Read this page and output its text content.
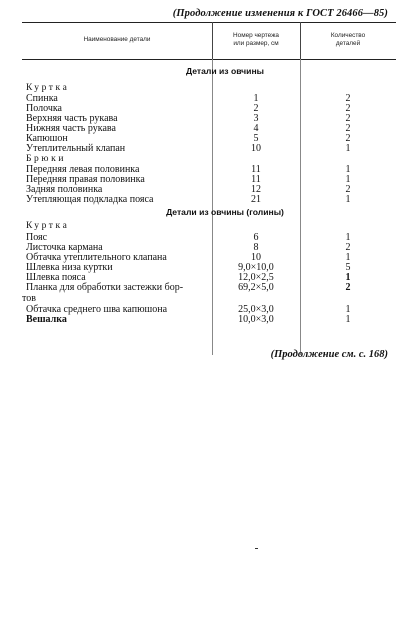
(Продолжение изменения к ГОСТ 26466—85)
Наименование детали
Номер чертежа
или размер, см
Количество
деталей
Детали из овчины
Куртка
Спинка	1	2
Полочка	2	2
Верхняя часть рукава	3	2
Нижняя часть рукава	4	2
Капюшон	5	2
Утеплительный клапан	10	1
Брюки
Передняя левая половинка	11	1
Передняя правая половинка	11	1
Задняя половинка	12	2
Утепляющая подкладка пояса	21	1
Детали из овчины (голины)
Куртка
Пояс	6	1
Листочка кармана	8	2
Обтачка утеплительного клапана	10	1
Шлевка низа куртки	9,0×10,0	5
Шлевка пояса	12,0×2,5	1
Планка для обработки застежки бор-	69,2×5,0	2
тов
Обтачка среднего шва капюшона	25,0×3,0	1
Вешалка	10,0×3,0	1
(Продолжение см. с. 168)
